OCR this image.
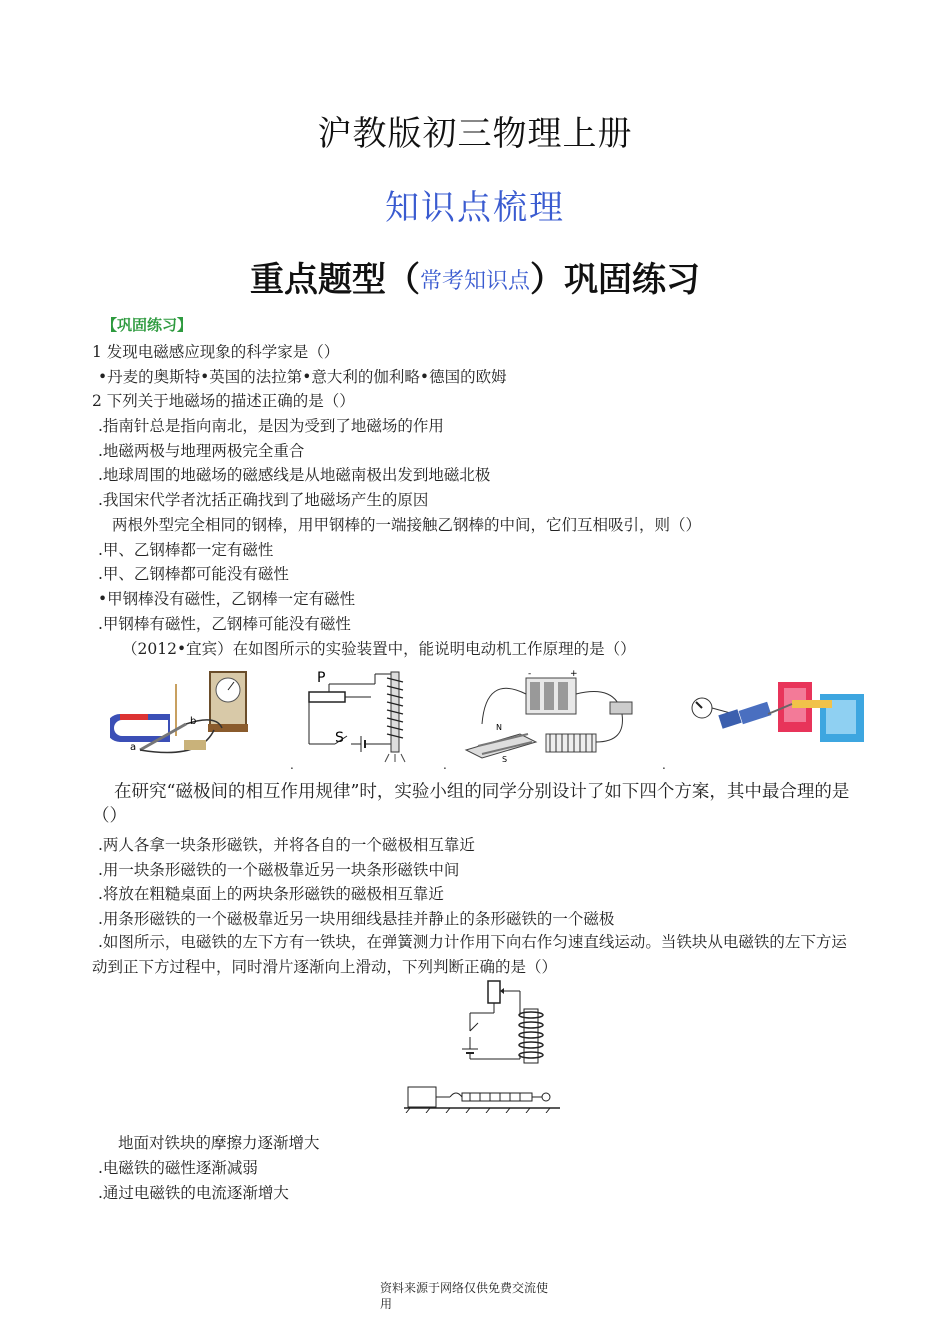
沪教版初三物理上册
知识点梳理
重点题型（常考知识点）巩固练习
【巩固练习】
1 发现电磁感应现象的科学家是（）
•丹麦的奥斯特•英国的法拉第•意大利的伽利略•德国的欧姆
2 下列关于地磁场的描述正确的是（）
.指南针总是指向南北，是因为受到了地磁场的作用
.地磁两极与地理两极完全重合
.地球周围的地磁场的磁感线是从地磁南极出发到地磁北极
.我国宋代学者沈括正确找到了地磁场产生的原因
两根外型完全相同的钢棒，用甲钢棒的一端接触乙钢棒的中间，它们互相吸引，则（）
.甲、乙钢棒都一定有磁性
.甲、乙钢棒都可能没有磁性
•甲钢棒没有磁性，乙钢棒一定有磁性
.甲钢棒有磁性，乙钢棒可能没有磁性
（2012•宜宾）在如图所示的实验装置中，能说明电动机工作原理的是（）
a
b
P
S
-	+
N
S
.	.	.
在研究“磁极间的相互作用规律”时，实验小组的同学分别设计了如下四个方案，其中最合理的是（）
.两人各拿一块条形磁铁，并将各自的一个磁极相互靠近
.用一块条形磁铁的一个磁极靠近另一块条形磁铁中间
.将放在粗糙桌面上的两块条形磁铁的磁极相互靠近
.用条形磁铁的一个磁极靠近另一块用细线悬挂并静止的条形磁铁的一个磁极
.如图所示，电磁铁的左下方有一铁块，在弹簧测力计作用下向右作匀速直线运动。当铁块从电磁铁的左下方运动到正下方过程中，同时滑片逐渐向上滑动，下列判断正确的是（）
地面对铁块的摩擦力逐渐增大
.电磁铁的磁性逐渐减弱
.通过电磁铁的电流逐渐增大
资料来源于网络仅供免费交流使
用
